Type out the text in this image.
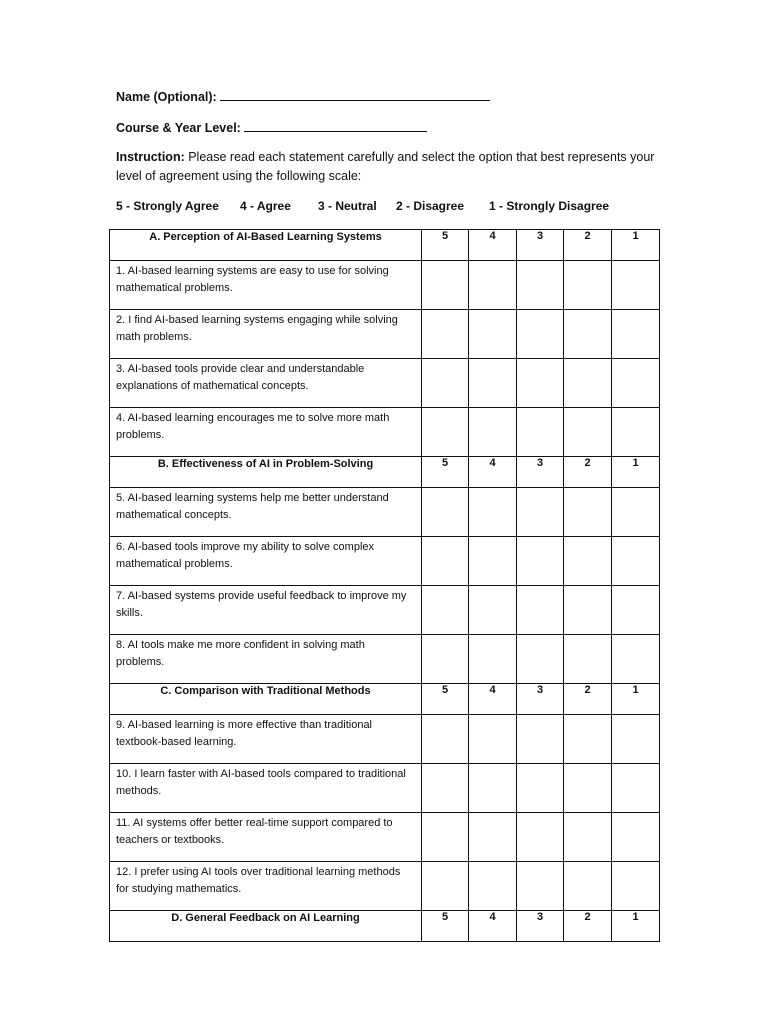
Name (Optional):
Course & Year Level:
Instruction: Please read each statement carefully and select the option that best represents your level of agreement using the following scale:
5 - Strongly Agree 4 - Agree 3 - Neutral 2 - Disagree 1 - Strongly Disagree
A. Perception of AI-Based Learning Systems	5	4	3	2	1

1. AI-based learning systems are easy to use for solving mathematical problems.					
2. I find AI-based learning systems engaging while solving math problems.					
3. AI-based tools provide clear and understandable explanations of mathematical concepts.					
4. AI-based learning encourages me to solve more math problems.					

B. Effectiveness of AI in Problem-Solving	5	4	3	2	1

5. AI-based learning systems help me better understand mathematical concepts.					
6. AI-based tools improve my ability to solve complex mathematical problems.					
7. AI-based systems provide useful feedback to improve my skills.					
8. AI tools make me more confident in solving math problems.					

C. Comparison with Traditional Methods	5	4	3	2	1

9. AI-based learning is more effective than traditional textbook-based learning.					
10. I learn faster with AI-based tools compared to traditional methods.					
11. AI systems offer better real-time support compared to teachers or textbooks.					
12. I prefer using AI tools over traditional learning methods for studying mathematics.					

D. General Feedback on AI Learning	5	4	3	2	1
